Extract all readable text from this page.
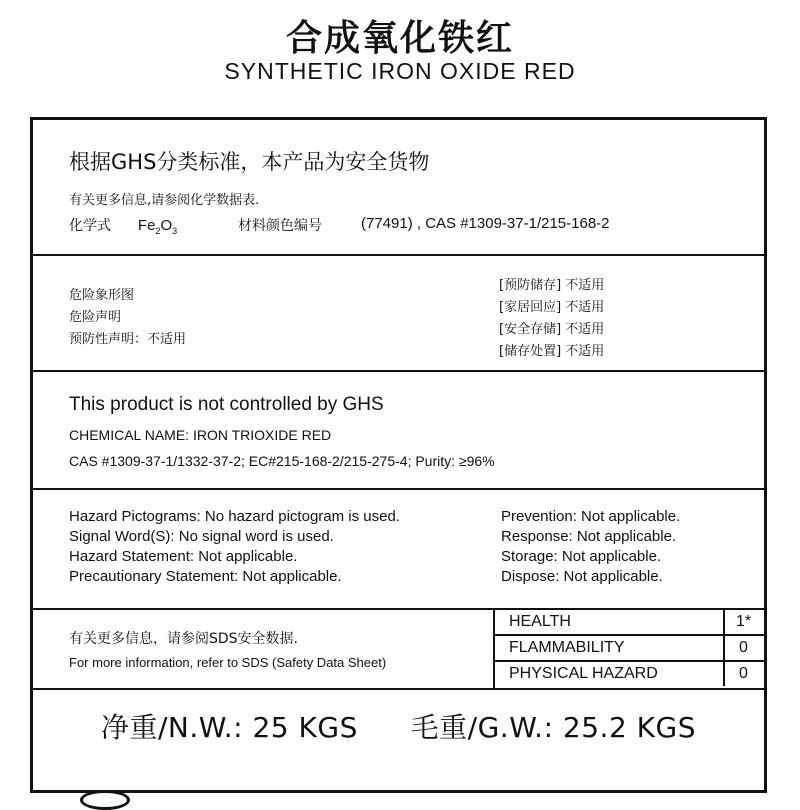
合成氧化铁红
SYNTHETIC IRON OXIDE RED
根据GHS分类标准，本产品为安全货物
有关更多信息,请参阅化学数据表.
化学式 $Fe_2O_3$	材料颜色编号	(77491) , CAS #1309-37-1/215-168-2
危险象形图
危险声明
预防性声明：不适用
[预防储存] 不适用
[家居回应] 不适用
[安全存储] 不适用
[储存处置] 不适用
This product is not controlled by GHS
CHEMICAL NAME: IRON TRIOXIDE RED
CAS #1309-37-1/1332-37-2; EC#215-168-2/215-275-4; Purity: ≥96%
Hazard Pictograms: No hazard pictogram is used.
Signal Word(S): No signal word is used.
Hazard Statement: Not applicable.
Precautionary Statement: Not applicable.
Prevention: Not applicable.
Response: Not applicable.
Storage: Not applicable.
Dispose: Not applicable.
有关更多信息，请参阅SDS安全数据.
For more information, refer to SDS (Safety Data Sheet)
HEALTH	1*
FLAMMABILITY	0
PHYSICAL HAZARD	0
净重/N.W.: 25 KGS 毛重/G.W.: 25.2 KGS
